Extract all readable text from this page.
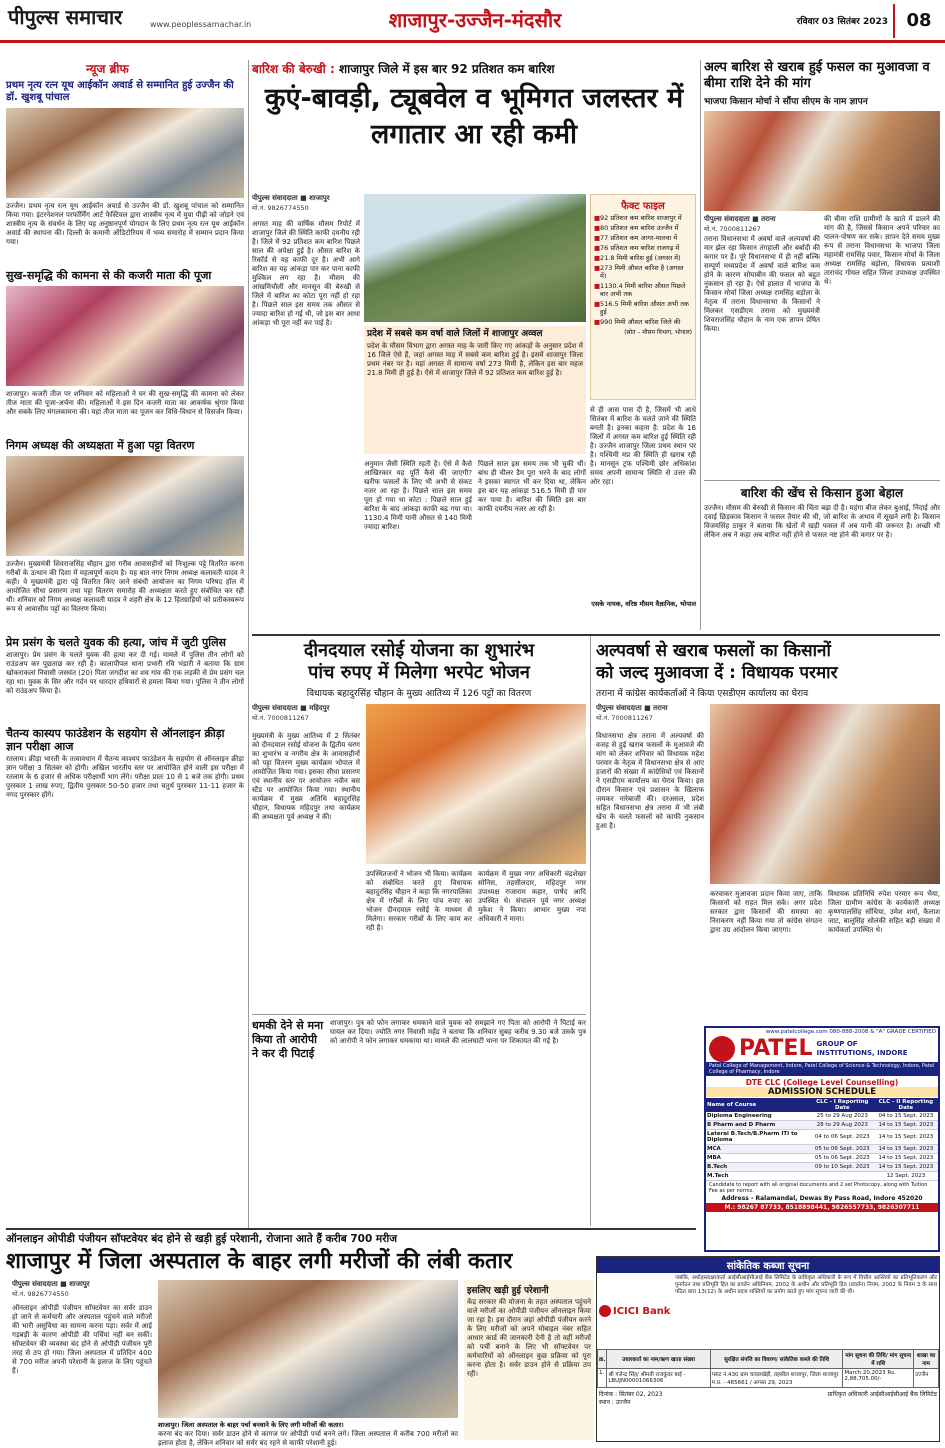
पीपुल्स समाचार	www.peoplessamachar.in	शाजापुर-उज्जैन-मंदसौर	रविवार 03 सितंबर 2023	08
न्यूज ब्रीफ
प्रथम नृत्य रत्न यूथ आईकॉन अवार्ड से सम्मानित हुई उज्जैन की डॉ. खुशबू पांचाल
उज्जैन। प्रथम नृत्य रत्न यूथ आईकॉन अवार्ड से उज्जैन की डॉ. खुशबू पांचाल को सम्मानित किया गया। इंटरनेशनल परफॉर्मिंग आर्ट फेस्टिवल द्वारा शास्त्रीय नृत्य में युवा पीढ़ी को जोड़ने एवं शास्त्रीय नृत्य के संवर्धन के लिए यह अनुष्ठानपूर्ण योगदान के लिए प्रथम नृत्य रत्न यूथ आईकॉन अवार्ड की स्थापना की। दिल्ली के कमानी ऑडिटोरियम में भव्य समारोह में सम्मान प्रदान किया गया।
सुख-समृद्धि की कामना से की कजरी माता की पूजा
शाजापुर। कजरी तीज पर शनिवार को महिलाओं ने घर की सुख-समृद्धि की कामना को लेकर तीज माता की पूजा-अर्चना की। महिलाओं ने इस दिन कजरी माता का आकर्षक श्रृंगार किया और सबके लिए मंगलकामना की। यहां तीज माता का पूजन कर विधि-विधान से विसर्जन किया।
निगम अध्यक्ष की अध्यक्षता में हुआ पट्टा वितरण
उज्जैन। मुख्यमंत्री शिवराजसिंह चौहान द्वारा गरीब आवासहीनों को निःशुल्क पट्टे वितरित करना गरीबों के उत्थान की दिशा में महत्वपूर्ण कदम है। यह बात नगर निगम अध्यक्ष कलावती यादव ने कही। वे मुख्यमंत्री द्वारा पट्टे वितरित किए जाने संबंधी आयोजन का निगम परिषद हॉल में आयोजित सीधा प्रसारण तथा पट्टा वितरण समारोह की अध्यक्षता करते हुए संबोधित कर रही थीं। शनिवार को निगम अध्यक्ष कलावती यादव ने शहरी क्षेत्र के 12 हितग्राहियों को प्रतीकस्वरूप रूप से आवासीय पट्टों का वितरण किया।
प्रेम प्रसंग के चलते युवक की हत्या, जांच में जुटी पुलिस
शाजापुर। प्रेम प्रसंग के चलते युवक की हत्या कर दी गई। मामले में पुलिस तीन लोगों को राउंडअप कर पूछताछ कर रही है। कालापीपल थाना प्रभारी रवि भंडारी ने बताया कि ग्राम खोकराकलां निवासी जसवंत (20) पिता जगदीश का शव गांव की एक लड़की से प्रेम प्रसंग चल रहा था। युवक के सिर और गर्दन पर धारदार हथियारों से हमला किया गया। पुलिस ने तीन लोगों को राउंडअप किया है।
चैतन्य कास्यप फाउंडेशन के सहयोग से ऑनलाइन क्रीड़ा ज्ञान परीक्षा आज
रतलाम। क्रीड़ा भारती के तत्वावधान में चैतन्य काश्यप फाउंडेशन के सहयोग से ऑनलाइन क्रीड़ा ज्ञान परीक्षा 3 सितंबर को होगी। अखिल भारतीय स्तर पर आयोजित होने वाली इस परीक्षा में रतलाम के 6 हजार से अधिक परीक्षार्थी भाग लेंगे। परीक्षा प्रातः 10 से 1 बजे तक होगी। प्रथम पुरस्कार 1 लाख रुपए, द्वितीय पुरस्कार 50-50 हजार तथा चतुर्थ पुरस्कार 11-11 हजार के नगद पुरस्कार होंगे।
बारिश की बेरुखी : शाजापुर जिले में इस बार 92 प्रतिशत कम बारिश
कुएं-बावड़ी, ट्यूबवेल व भूमिगत जलस्तर में लगातार आ रही कमी
पीपुल्स संवाददाता ■ शाजापुर
मो.नं. 9826774550
अगस्त माह की वार्षिक मौसम रिपोर्ट में शाजापुर जिले की स्थिति काफी दयनीय रही है। जिले में 92 प्रतिशत कम बारिश पिछले साल की अपेक्षा हुई है। औसत बारिश के रिकॉर्ड से यह काफी दूर है। अभी आगे बारिश का यह आंकड़ा पार कर पाना काफी मुश्किल लग रहा है। मौसम की आंखमिचौली और मानसून की बेरुखी से जिले में बारिश का कोटा पूरा नहीं हो रहा है। पिछले साल इस समय तक औसत से ज्यादा बारिश हो गई थी, जो इस बार आधा आंकड़ा भी पूरा नहीं कर पाई है।
फैक्ट फाइल
■ 92 प्रतिशत कम बारिश शाजापुर में
■ 80 प्रतिशत कम बारिश उज्जैन में
■ 77 प्रतिशत कम आगर-मालवा में
■ 76 प्रतिशत कम बारिश राजगढ़ में
■ 21.8 मिमी बारिश हुई (अगस्त में)
■ 273 मिमी औसत बारिश है (अगस्त में)
■ 1130.4 मिमी बारिश औसत पिछले बार अभी तक
■ 516.5 मिमी बारिश औसत अभी तक हुई
■ 990 मिमी औसत बारिश जिले की
(स्रोत – मौसम विभाग, भोपाल)
प्रदेश में सबसे कम वर्षा वाले जिलों में शाजापुर अव्वल
प्रदेश के मौसम विभाग द्वारा अगस्त माह के जारी किए गए आंकड़ों के अनुसार प्रदेश में 16 जिले ऐसे हैं, जहां अगस्त माह में सबसे कम बारिश हुई है। इसमें शाजापुर जिला प्रथम नंबर पर है। यहां अगस्त में सामान्य वर्षा 273 मिमी है, लेकिन इस बार महज 21.8 मिमी ही हुई है। ऐसे में शाजापुर जिले में 92 प्रतिशत कम बारिश हुई है।
अनुमान जैसी स्थिति रहती है। ऐसे में कैसे आखिरकार यह पूर्ति कैसे की जाएगी? खरीफ फसलों के लिए भी अभी से संकट नजर आ रहा है। पिछले साल इस समय पूरा हो गया था कोटा : पिछले साल हुई बारिश के बाद आंकड़ा काफी बढ़ गया था। 1130.4 मिमी यानी औसत से 140 मिमी ज्यादा बारिश।
पिछले साल इस समय तक भी चुकी थी। बांध ही चीलर डैम पूरा भरने के बाद लोगों ने इसका स्वागत भी कर दिया था, लेकिन इस बार यह आंकड़ा 516.5 मिमी ही पार कर पाया है। बारिश की स्थिति इस बार काफी दयनीय नजर आ रही है।
से ही आस पास दी है, जिसमें भी आधे सितंबर में बारिश के चलते जाने की स्थिति बनती है। इनका कहना है: प्रदेश के 16 जिलों में अगस्त कम बारिश हुई स्थिति रही है। उज्जैन शाजापुर जिला प्रथम स्थान पर है। पश्चिमी मप्र की स्थिति ही खराब रही है। मानसून ट्रफ पश्चिमी छोर अधिकांश समय अपनी सामान्य स्थिति से उत्तर की ओर रहा।
एसके नायक, वरिष्ठ मौसम वैज्ञानिक, भोपाल
अल्प बारिश से खराब हुई फसल का मुआवजा व बीमा राशि देने की मांग
भाजपा किसान मोर्चा ने सौंपा सीएम के नाम ज्ञापन
पीपुल्स संवाददाता ■ तराना
मो.नं. 7000811267
तराना विधानसभा में अवर्षा वाले अल्पवर्षा की मार झेल रहा किसान तंगहाली और बर्बादी की कगार पर है। पूरे विधानसभा में ही नहीं बल्कि सम्पूर्ण मध्यप्रदेश में अवर्षा वाले बारिश कम होने के कारण सोयाबीन की फसल को बहुत नुकसान हो रहा है। ऐसे हालात में भाजपा के किसान मोर्चा जिला अध्यक्ष रामसिंह बड़ोला के नेतृत्व में तराना विधानसभा के किसानों ने मिलकर एसडीएम तराना को मुख्यमंत्री शिवराजसिंह चौहान के नाम एक ज्ञापन प्रेषित किया।
की बीमा राशि ग्रामीणों के खाते में डालने की मांग की है, जिससे किसान अपने परिवार का पालन-पोषण कर सके। ज्ञापन देते समय मुख्य रूप से तराना विधानसभा के भाजपा जिला महामंत्री रामसिंह पवार, किसान मोर्चा के जिला अध्यक्ष रामसिंह बड़ोला, विधायक प्रत्याशी ताराचंद गोयल सहित जिला उपाध्यक्ष उपस्थित थे।
बारिश की खेंच से किसान हुआ बेहाल
उज्जैन। मौसम की बेरुखी से किसान की चिंता बढ़ा दी है। महंगा बीज लेकर बुआई, निंदाई और दवाई छिड़काव किसान ने फसल तैयार की थी, जो बारिश के अभाव में सूखने लगी है। किसान विजयसिंह ठाकुर ने बताया कि खेतों में खड़ी फसल में अब पानी की जरूरत है। अच्छी थी लेकिन अब ने कहा अब बारिश नहीं होने से फसल नष्ट होने की कगार पर है।
दीनदयाल रसोई योजना का शुभारंभ
पांच रुपए में मिलेगा भरपेट भोजन
विधायक बहादुरसिंह चौहान के मुख्य आतिथ्य में 126 पट्टों का वितरण
पीपुल्स संवाददाता ■ महिदपुर
मो.नं. 7000811267
मुख्यमंत्री के मुख्य आतिथ्य में 2 सितंबर को दीनदयाल रसोई योजना के द्वितीय चरण का शुभारंभ व नगरीय क्षेत्र के आवासहीनों को पट्टा वितरण मुख्य कार्यक्रम भोपाल में आयोजित किया गया। इसका सीधा प्रसारण एवं स्थानीय स्तर पर आयोजन नवीन बस स्टैंड पर आयोजित किया गया। स्थानीय कार्यक्रम में मुख्य अतिथि बहादुरसिंह चौहान, विधायक महिदपुर तथा कार्यक्रम की अध्यक्षता पूर्व अध्यक्ष ने की।
उपस्थितजनों ने भोजन भी किया। कार्यक्रम को संबोधित करते हुए विधायक बहादुरसिंह चौहान ने कहा कि नगरपालिका क्षेत्र में गरीबों के लिए पांच रुपए का भोजन दीनदयाल रसोई के माध्यम से मिलेगा। सरकार गरीबों के लिए काम कर रही है।
कार्यक्रम में मुख्य नगर अधिकारी चंद्रशेखर सोनिस, तहसीलदार, महिदपुर नगर उपाध्यक्ष राजाराम कहार, पार्षद आदि उपस्थित थे। संचालन पूर्व नगर अध्यक्ष मुकेश ने किया। आभार मुख्य नपा अधिकारी ने माना।
धमकी देने से मना किया तो आरोपी ने कर दी पिटाई
शाजापुर। पुत्र को फोन लगाकर धमकाने वाले युवक को समझाने गए पिता को आरोपी ने पिटाई कर घायल कर दिया। ज्योति नगर निवासी महेंद्र ने बताया कि शनिवार सुबह करीब 9.30 बजे उसके पुत्र को आरोपी ने फोन लगाकर धमकाया था। मामले की लालघाटी थाना पर शिकायत की गई है।
अल्पवर्षा से खराब फसलों का किसानों
को जल्द मुआवजा दें : विधायक परमार
तराना में कांग्रेस कार्यकर्ताओं ने किया एसडीएम कार्यालय का घेराव
पीपुल्स संवाददाता ■ तराना
मो.नं. 7000811267
विधानसभा क्षेत्र तराना में अल्पवर्षा की वजह से हुई खराब फसलों के मुआवजे की मांग को लेकर शनिवार को विधायक महेश परमार के नेतृत्व में विधानसभा क्षेत्र से आए हजारों की संख्या में कांग्रेसियों एवं किसानों ने एसडीएम कार्यालय का घेराव किया। इस दौरान किसान एवं प्रशासन के खिलाफ जमकर नारेबाजी की। दरअसल, प्रदेश सहित विधानसभा क्षेत्र तराना में भी लंबी खेंच के चलते फसलों को काफी नुकसान हुआ है।
करवाकर मुआवजा प्रदान किया जाए, ताकि किसानों को राहत मिल सके। अगर प्रदेश सरकार द्वारा किसानों की समस्या का निराकरण नहीं किया गया तो कांग्रेस संगठन द्वारा उग्र आंदोलन किया जाएगा।
विधायक प्रतिनिधि रुपेश परमार रूप भैया, जिला ग्रामीण कांग्रेस के कार्यकारी अध्यक्ष कृष्णपालसिंह सोंधिया, उमेश शर्मा, कैलाश जाट, बालूसिंह सोलंकी सहित बड़ी संख्या में कार्यकर्ता उपस्थित थे।
www.patelcollege.com 080-888-2008 & "A" GRADE CERTIFIED
PATEL GROUP OF INSTITUTIONS, INDORE
Patel College of Management, Indore, Patel College of Science & Technology, Indore, Patel College of Pharmacy, Indore
DTE CLC (College Level Counselling)
ADMISSION SCHEDULE
Name of Course	CLC - I Reporting Date	CLC - II Reporting Date
Diploma Engineering	25 to 29 Aug 2023	04 to 15 Sept. 2023
B Pharm and D Pharm	28 to 29 Aug 2023	14 to 15 Sept. 2023
Lateral B.Tech/B.Pharm ITI to Diploma	04 to 06 Sept. 2023	14 to 15 Sept. 2023
MCA	05 to 06 Sept. 2023	14 to 15 Sept. 2023
MBA	05 to 06 Sept. 2023	14 to 15 Sept. 2023
B.Tech	09 to 10 Sept. 2023	14 to 15 Sept. 2023
M.Tech		12 Sept. 2023
Candidate to report with all original documents and 2 set Photocopy, along with Tuition Fee as per norms.
Address - Ralamandal, Dewas By Pass Road, Indore 452020
M.: 98267 87733, 8518898441, 9826557733, 9826307711
ऑनलाइन ओपीडी पंजीयन सॉफ्टवेयर बंद होने से खड़ी हुई परेशानी, रोजाना आते हैं करीब 700 मरीज
शाजापुर में जिला अस्पताल के बाहर लगी मरीजों की लंबी कतार
पीपुल्स संवाददाता ■ शाजापुर
मो.नं. 9826774550
ऑनलाइन ओपीडी पंजीयन सॉफ्टवेयर का सर्वर डाउन हो जाने से कर्मचारी और अस्पताल पहुंचने वाले मरीजों की भारी असुविधा का सामना करना पड़ा। सर्वर में आई गड़बड़ी के कारण ओपीडी की पर्चियां नहीं बन सकीं। सॉफ्टवेयर की व्यवस्था बंद होने से ओपीडी पंजीयन पूरी तरह से ठप हो गया। जिला अस्पताल में प्रतिदिन 400 से 700 मरीज अपनी परेशानी के इलाज के लिए पहुंचते हैं।
शाजापुर। जिला अस्पताल के बाहर पर्चा बनवाने के लिए लगी मरीजों की कतार।
करना बंद कर दिया। सर्वर डाउन होने से कागज पर ओपीडी पर्चा बनने लगे। जिला अस्पताल में करीब 700 मरीजों का इलाज होता है, लेकिन शनिवार को सर्वर बंद रहने से काफी परेशानी हुई।
इसलिए खड़ी हुई परेशानी
केंद्र सरकार की योजना के तहत अस्पताल पहुंचने वाले मरीजों का ओपीडी पंजीयन ऑनलाइन किया जा रहा है। इस दौरान जहां ओपीडी पंजीयन करने के लिए मरीजों को अपने मोबाइल नंबर सहित आधार कार्ड की जानकारी देनी है तो वहीं मरीजों को पर्ची बनाने के लिए भी सॉफ्टवेयर पर कर्मचारियों को ऑनलाइन कुछ प्रक्रिया को पूरा करना होता है। सर्वर डाउन होने से प्रक्रिया ठप रही।
सांकेतिक कब्जा सूचना
ICICI Bank
जबकि, अधोहस्ताक्षरकर्ता आईसीआईसीआई बैंक लिमिटेड के प्राधिकृत अधिकारी के रूप में वित्तीय आस्तियों का प्रतिभूतिकरण और पुनर्गठन तथा प्रतिभूति हित का प्रवर्तन अधिनियम, 2002 के अधीन और प्रतिभूति हित (प्रवर्तन) नियम, 2002 के नियम 3 के साथ पठित धारा 13(12) के अधीन प्रदत्त शक्तियों का प्रयोग करते हुए मांग सूचना जारी की थी।
क्र.	उधारकर्ता का नाम/ऋण खाता संख्या	सुरक्षित संपत्ति का विवरण/ सांकेतिक कब्जे की तिथि	मांग सूचना की तिथि/ मांग सूचना में राशि	शाखा का नाम
1.	श्री गजेन्द्र सिंह/ श्रीमती राजकुंवर बाई - LBUJN00001066306	प्लाट नं.430 ग्राम चावलखेड़ी, तहसील शाजापुर, जिला शाजापुर म.प्र. - 465661 / अगस्त 29, 2023	March 20,2023 Rs. 2,88,705.00/-	उज्जैन
दिनांक : सितंबर 02, 2023
स्थान : उज्जैन
प्राधिकृत अधिकारी आईसीआईसीआई बैंक लिमिटेड
